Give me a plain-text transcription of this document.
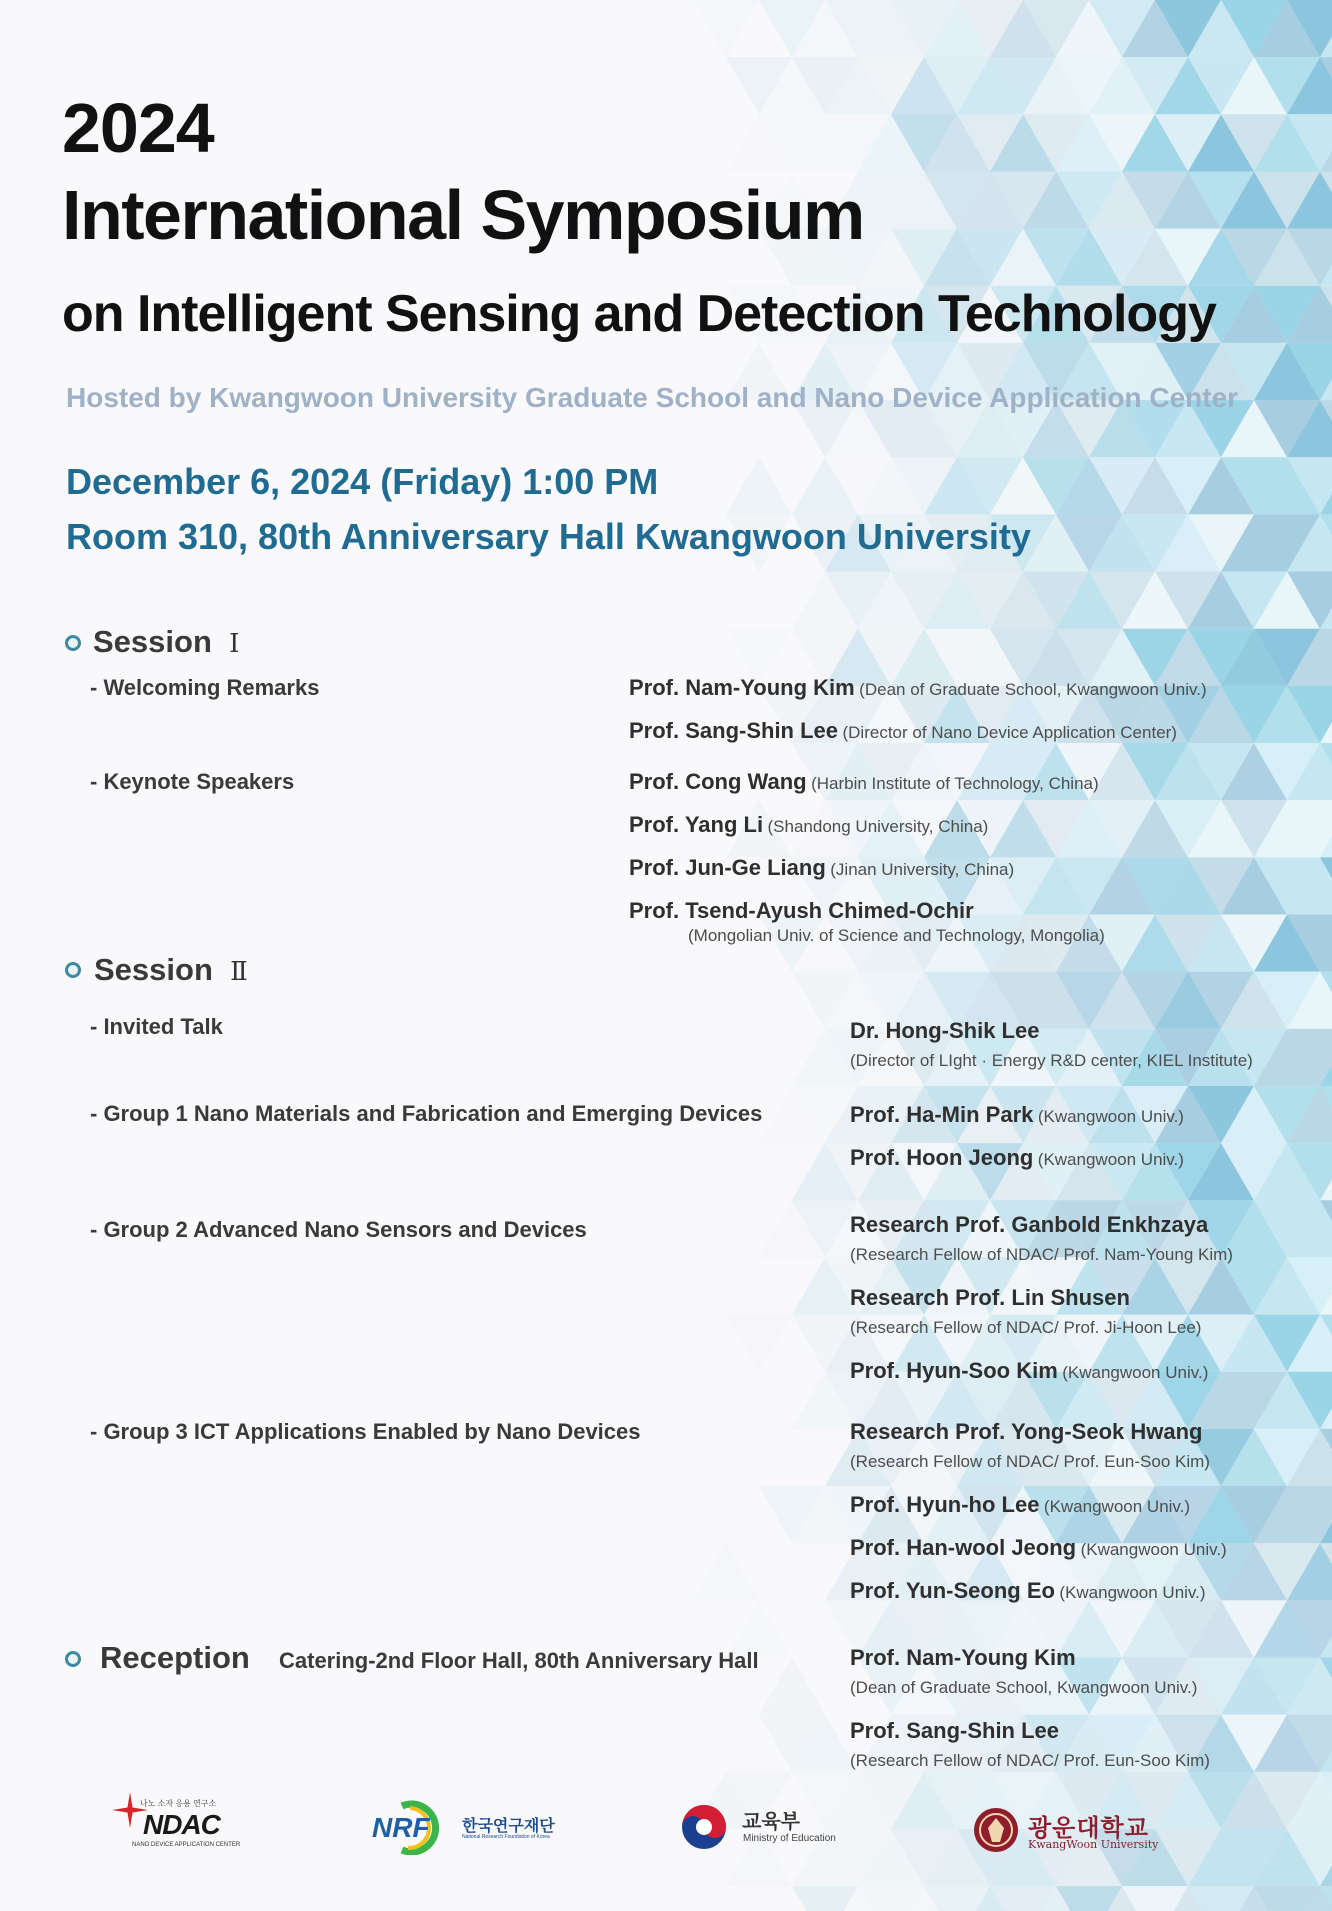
2024
International Symposium
on Intelligent Sensing and Detection Technology
Hosted by Kwangwoon University Graduate School and Nano Device Application Center
December 6, 2024 (Friday) 1:00 PM
Room 310, 80th Anniversary Hall Kwangwoon University
Session Ⅰ
- Welcoming Remarks	Prof. Nam-Young Kim (Dean of Graduate School, Kwangwoon Univ.)
Prof. Sang-Shin Lee (Director of Nano Device Application Center)
- Keynote Speakers	Prof. Cong Wang (Harbin Institute of Technology, China)
Prof. Yang Li (Shandong University, China)
Prof. Jun-Ge Liang (Jinan University, China)
Prof. Tsend-Ayush Chimed-Ochir
(Mongolian Univ. of Science and Technology, Mongolia)
Session Ⅱ
- Invited Talk	Dr. Hong-Shik Lee
(Director of LIght · Energy R&D center, KIEL Institute)
- Group 1 Nano Materials and Fabrication and Emerging Devices	Prof. Ha-Min Park (Kwangwoon Univ.)
Prof. Hoon Jeong (Kwangwoon Univ.)
- Group 2 Advanced Nano Sensors and Devices	Research Prof. Ganbold Enkhzaya
(Research Fellow of NDAC/ Prof. Nam-Young Kim)
Research Prof. Lin Shusen
(Research Fellow of NDAC/ Prof. Ji-Hoon Lee)
Prof. Hyun-Soo Kim (Kwangwoon Univ.)
- Group 3 ICT Applications Enabled by Nano Devices	Research Prof. Yong-Seok Hwang
(Research Fellow of NDAC/ Prof. Eun-Soo Kim)
Prof. Hyun-ho Lee (Kwangwoon Univ.)
Prof. Han-wool Jeong (Kwangwoon Univ.)
Prof. Yun-Seong Eo (Kwangwoon Univ.)
Reception Catering-2nd Floor Hall, 80th Anniversary Hall	Prof. Nam-Young Kim
(Dean of Graduate School, Kwangwoon Univ.)
Prof. Sang-Shin Lee
(Research Fellow of NDAC/ Prof. Eun-Soo Kim)
나노 소자 응용 연구소
NDAC
NANO DEVICE APPLICATION CENTER
NRF 한국연구재단
National Research Foundation of Korea
교육부
Ministry of Education	광운대학교
KwangWoon University
